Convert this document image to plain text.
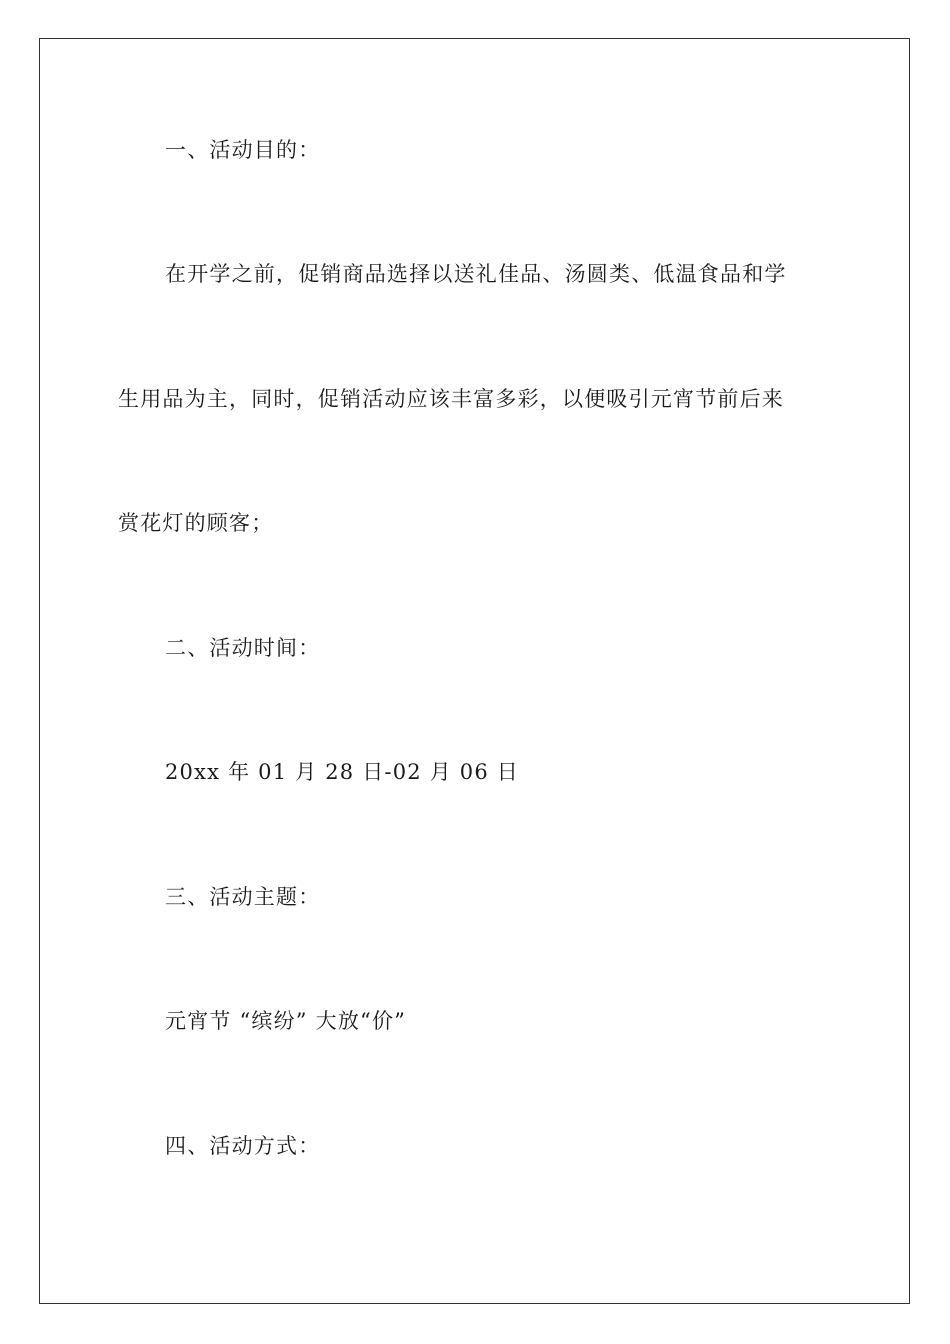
一、活动目的：
在开学之前，促销商品选择以送礼佳品、汤圆类、低温食品和学
生用品为主，同时，促销活动应该丰富多彩，以便吸引元宵节前后来
赏花灯的顾客；
二、活动时间：
20xx 年 01 月 28 日-02 月 06 日
三、活动主题：
元宵节 “缤纷” 大放“价”
四、活动方式：
